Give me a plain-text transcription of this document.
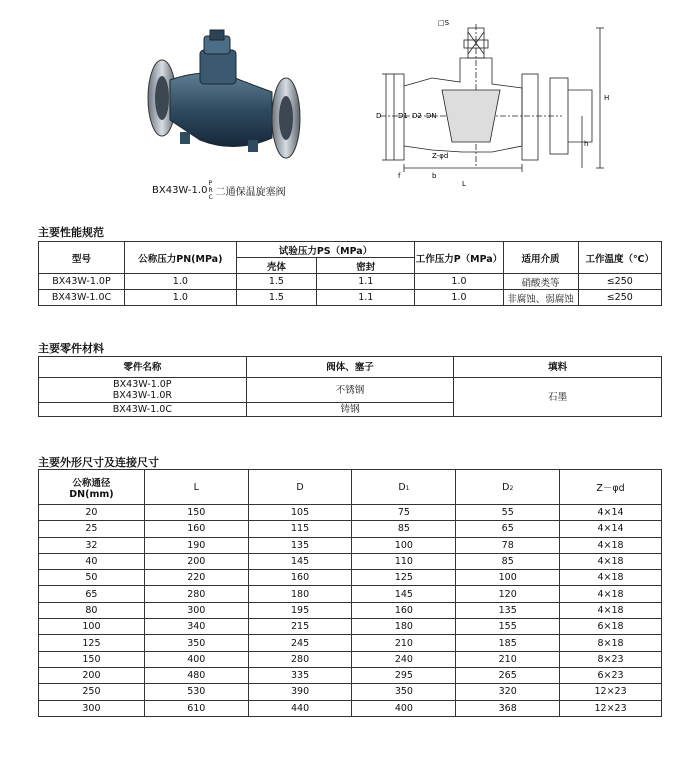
BX43W-1.0
P
R
C 二通保温旋塞阀
□S
D D1 D2 DN
H
h
f	b
L
Z-φd
主要性能规范
型号	公称压力PN(MPa)	试验压力PS（MPa）		工作压力P（MPa）	适用介质	工作温度（℃）
		壳体	密封			
BX43W-1.0P	1.0	1.5	1.1	1.0	硝酸类等	≤250
BX43W-1.0C	1.0	1.5	1.1	1.0	非腐蚀、弱腐蚀	≤250
主要零件材料
零件名称	阀体、塞子	填料

BX43W-1.0P
BX43W-1.0R	不锈钢	石墨
BX43W-1.0C	铸钢	
主要外形尺寸及连接尺寸
公称通径
DN(mm)	L	D	D1	D2	Z－φd
20	150	105	75	55	4×14
25	160	115	85	65	4×14
32	190	135	100	78	4×18
40	200	145	110	85	4×18
50	220	160	125	100	4×18
65	280	180	145	120	4×18
80	300	195	160	135	4×18
100	340	215	180	155	6×18
125	350	245	210	185	8×18
150	400	280	240	210	8×23
200	480	335	295	265	6×23
250	530	390	350	320	12×23
300	610	440	400	368	12×23
